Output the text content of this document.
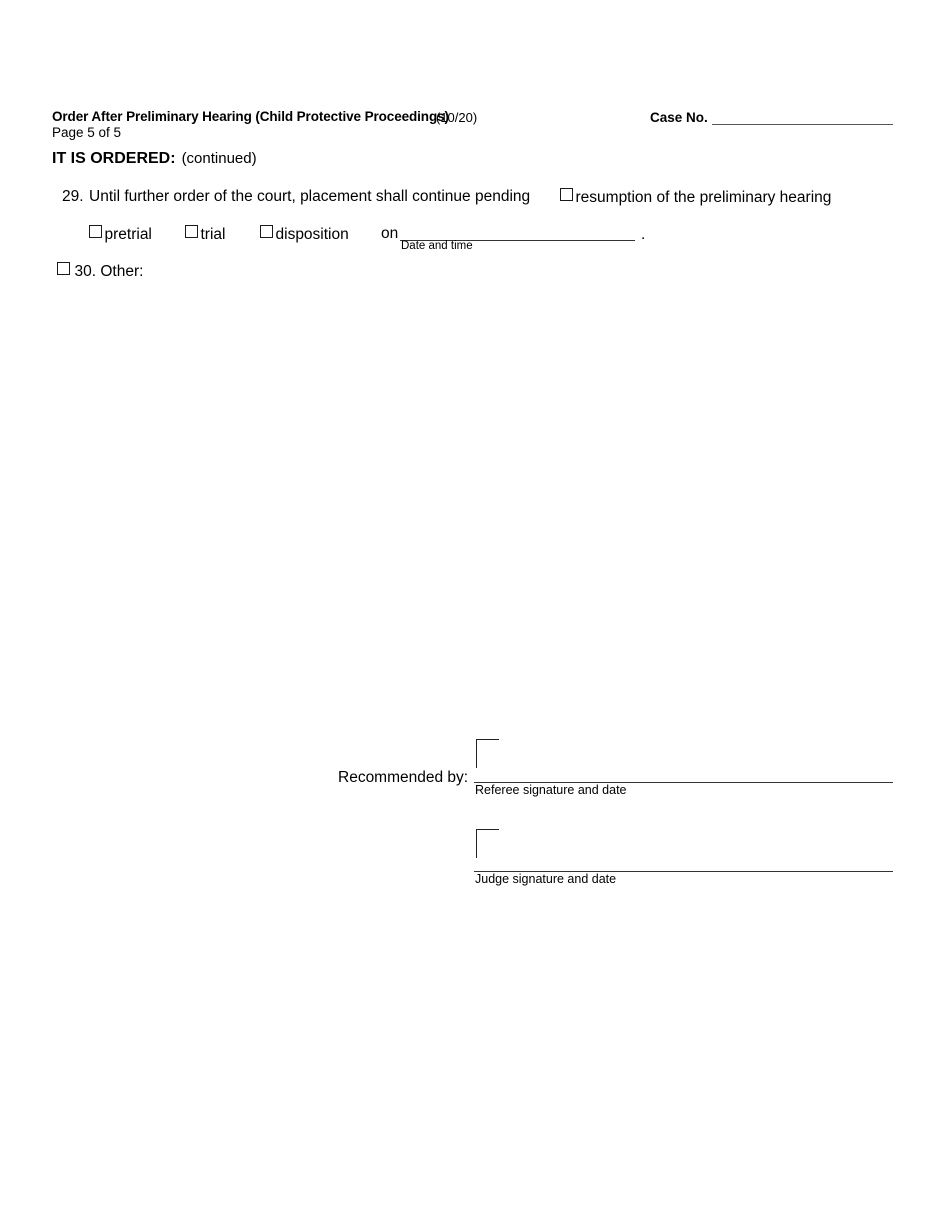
Order After Preliminary Hearing (Child Protective Proceedings)
(10/20)
Page 5 of 5
Case No.
IT IS ORDERED: (continued)
29. Until further order of the court, placement shall continue pending	resumption of the preliminary hearing
pretrial	trial	disposition on
Date and time
.
30. Other:
Recommended by:
Referee signature and date
Judge signature and date
